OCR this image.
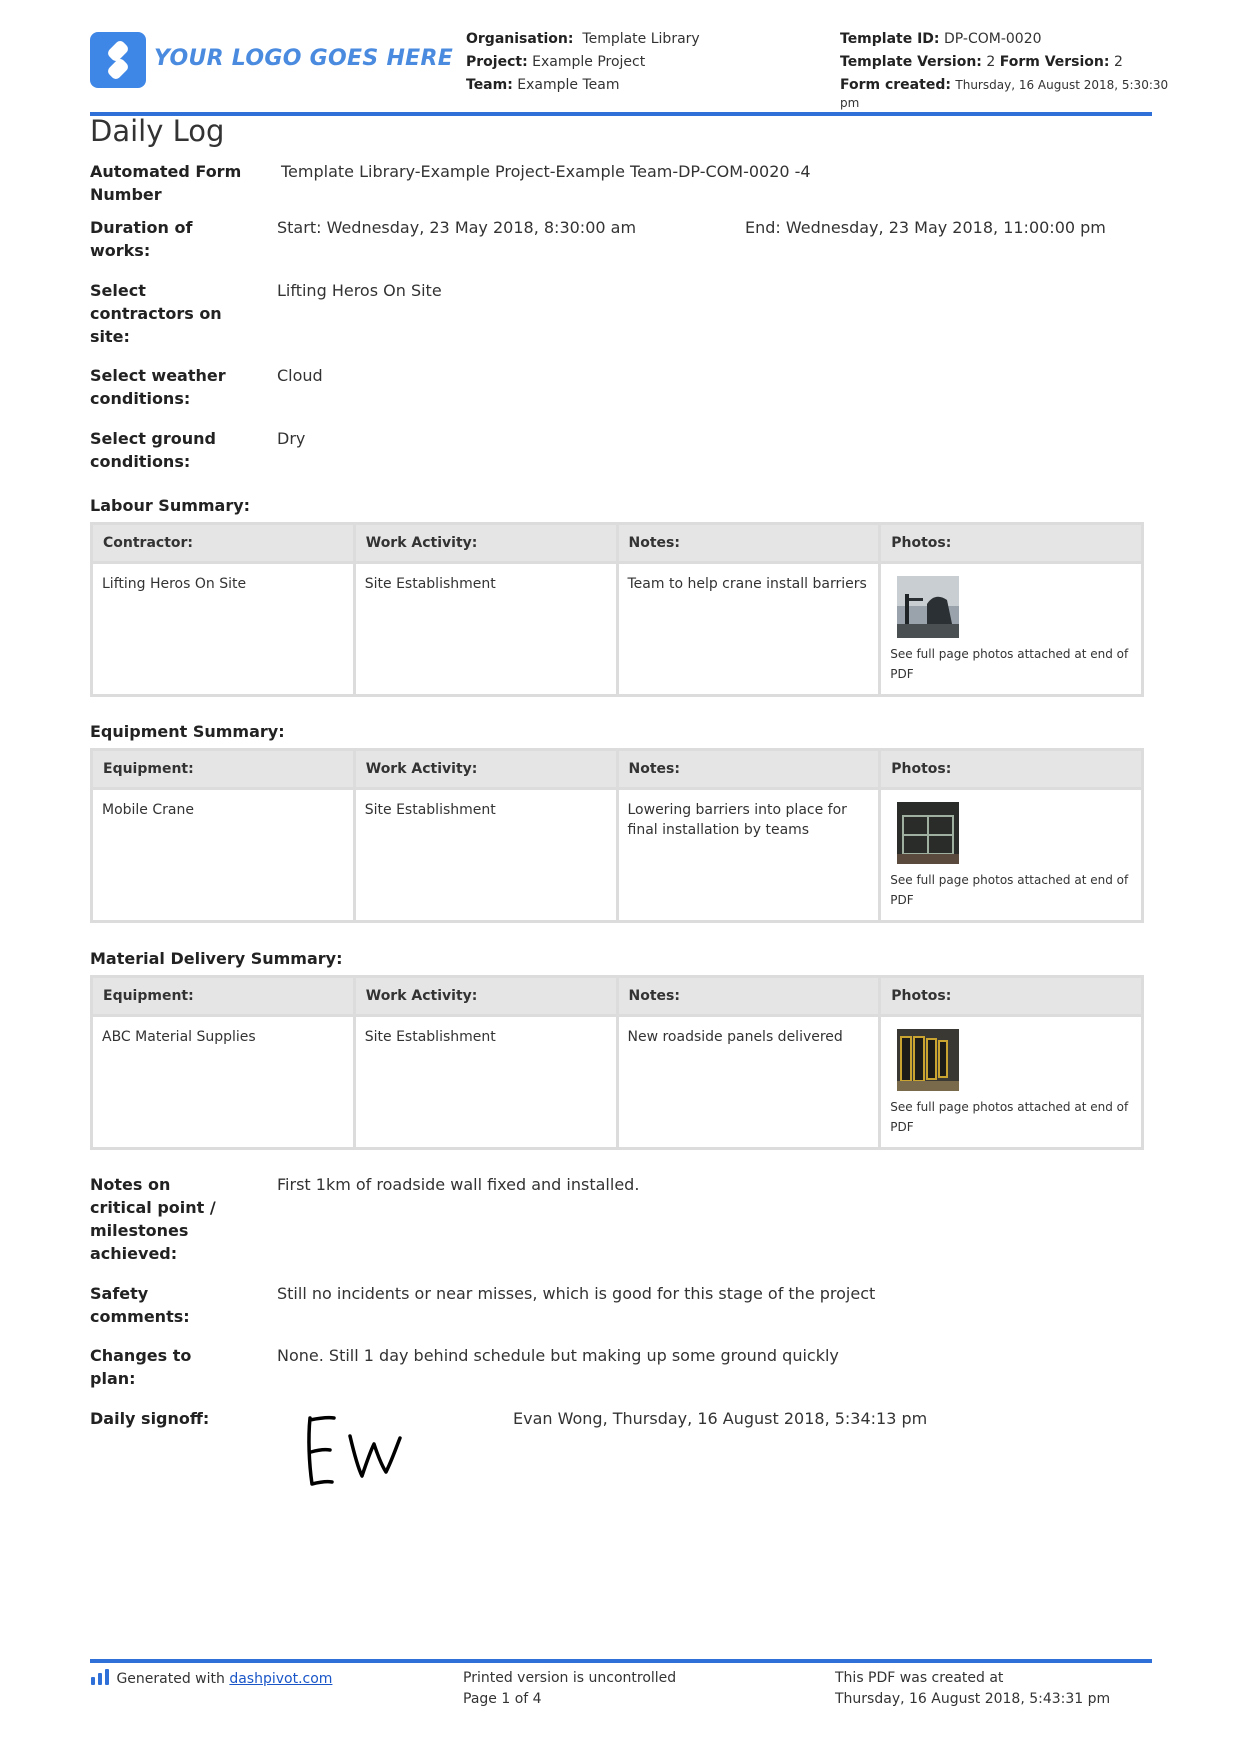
YOUR LOGO GOES HERE
Organisation: Template Library
Project: Example Project
Team: Example Team
Template ID: DP-COM-0020
Template Version: 2 Form Version: 2
Form created: Thursday, 16 August 2018, 5:30:30
pm
Daily Log
Automated Form Number
Template Library-Example Project-Example Team-DP-COM-0020 -4
Duration of works:
Start: Wednesday, 23 May 2018, 8:30:00 am	End: Wednesday, 23 May 2018, 11:00:00 pm
Select contractors on site:
Lifting Heros On Site
Select weather conditions:
Cloud
Select ground conditions:
Dry
Labour Summary:
Contractor:	Work Activity:	Notes:	Photos:
Lifting Heros On Site	Site Establishment	Team to help crane install barriers	See full page photos attached at end of PDF
Equipment Summary:
Equipment:	Work Activity:	Notes:	Photos:
Mobile Crane	Site Establishment	Lowering barriers into place for final installation by teams	See full page photos attached at end of PDF
Material Delivery Summary:
Equipment:	Work Activity:	Notes:	Photos:
ABC Material Supplies	Site Establishment	New roadside panels delivered	See full page photos attached at end of PDF
Notes on critical point / milestones achieved:
First 1km of roadside wall fixed and installed.
Safety comments:
Still no incidents or near misses, which is good for this stage of the project
Changes to plan:
None. Still 1 day behind schedule but making up some ground quickly
Daily signoff:	Evan Wong, Thursday, 16 August 2018, 5:34:13 pm
Generated with dashpivot.com	Printed version is uncontrolled
Page 1 of 4
This PDF was created at
Thursday, 16 August 2018, 5:43:31 pm
